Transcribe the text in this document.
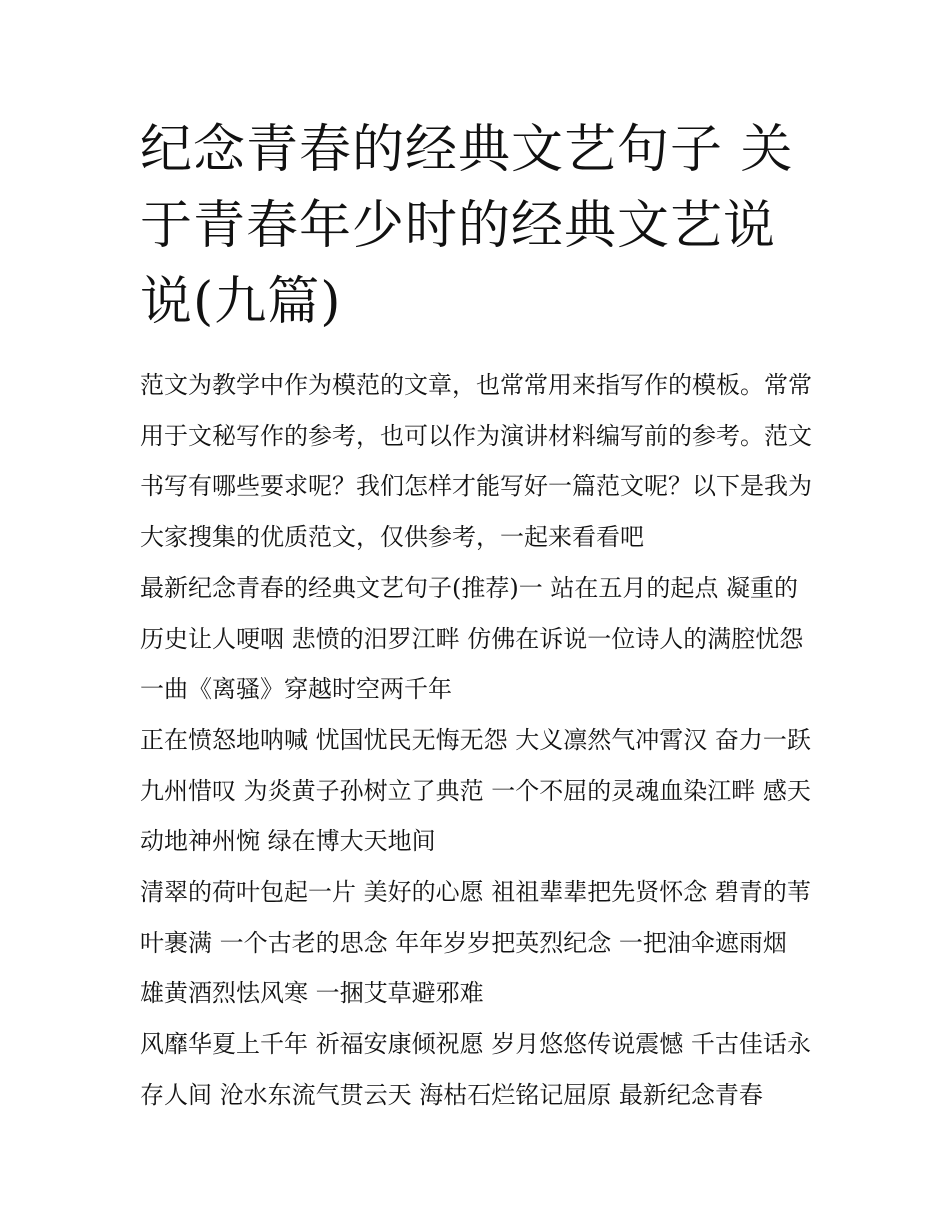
纪念青春的经典文艺句子 关于青春年少时的经典文艺说说(九篇)

范文为教学中作为模范的文章，也常常用来指写作的模板。常常用于文秘写作的参考，也可以作为演讲材料编写前的参考。范文书写有哪些要求呢？我们怎样才能写好一篇范文呢？以下是我为大家搜集的优质范文，仅供参考，一起来看看吧

最新纪念青春的经典文艺句子(推荐)一 站在五月的起点 凝重的历史让人哽咽 悲愤的汨罗江畔 仿佛在诉说一位诗人的满腔忧怨 一曲《离骚》穿越时空两千年

正在愤怒地呐喊 忧国忧民无悔无怨 大义凛然气冲霄汉 奋力一跃九州惜叹 为炎黄子孙树立了典范 一个不屈的灵魂血染江畔 感天动地神州惋 绿在博大天地间

清翠的荷叶包起一片 美好的心愿 祖祖辈辈把先贤怀念 碧青的苇叶裹满 一个古老的思念 年年岁岁把英烈纪念 一把油伞遮雨烟 雄黄酒烈怯风寒 一捆艾草避邪难

风靡华夏上千年 祈福安康倾祝愿 岁月悠悠传说震憾 千古佳话永存人间 沧水东流气贯云天 海枯石烂铭记屈原 最新纪念青春
